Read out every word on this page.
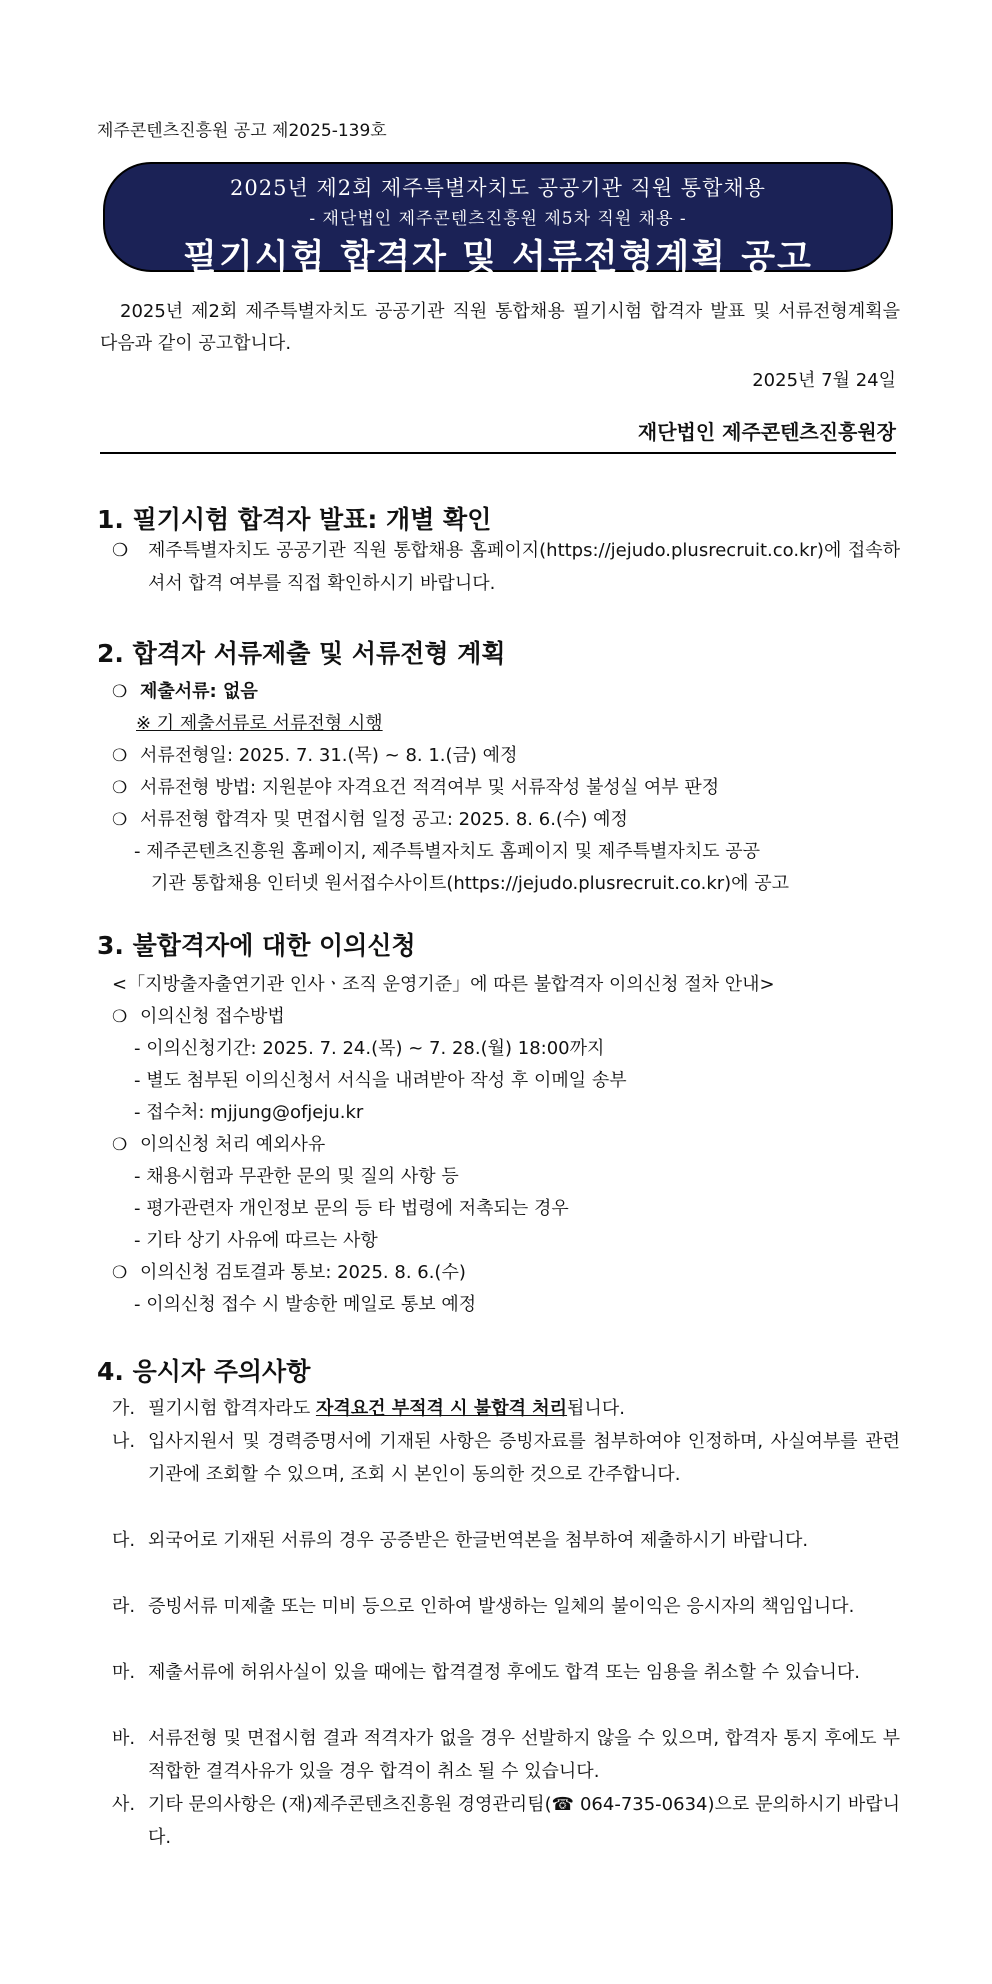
제주콘텐츠진흥원 공고 제2025-139호
2025년 제2회 제주특별자치도 공공기관 직원 통합채용
- 재단법인 제주콘텐츠진흥원 제5차 직원 채용 -
필기시험 합격자 및 서류전형계획 공고
2025년 제2회 제주특별자치도 공공기관 직원 통합채용 필기시험 합격자 발표 및 서류전형계획을 다음과 같이 공고합니다.
2025년 7월 24일
재단법인 제주콘텐츠진흥원장
1. 필기시험 합격자 발표: 개별 확인
❍	제주특별자치도 공공기관 직원 통합채용 홈페이지(https://jejudo.plusrecruit.co.kr)에 접속하셔서 합격 여부를 직접 확인하시기 바랍니다.
2. 합격자 서류제출 및 서류전형 계획
❍ 제출서류: 없음
※ 기 제출서류로 서류전형 시행
❍ 서류전형일: 2025. 7. 31.(목) ~ 8. 1.(금) 예정
❍ 서류전형 방법: 지원분야 자격요건 적격여부 및 서류작성 불성실 여부 판정
❍ 서류전형 합격자 및 면접시험 일정 공고: 2025. 8. 6.(수) 예정
- 제주콘텐츠진흥원 홈페이지, 제주특별자치도 홈페이지 및 제주특별자치도 공공
기관 통합채용 인터넷 원서접수사이트(https://jejudo.plusrecruit.co.kr)에 공고
3. 불합격자에 대한 이의신청
<「지방출자출연기관 인사ㆍ조직 운영기준」에 따른 불합격자 이의신청 절차 안내>
❍ 이의신청 접수방법
- 이의신청기간: 2025. 7. 24.(목) ~ 7. 28.(월) 18:00까지
- 별도 첨부된 이의신청서 서식을 내려받아 작성 후 이메일 송부
- 접수처: mjjung@ofjeju.kr
❍ 이의신청 처리 예외사유
- 채용시험과 무관한 문의 및 질의 사항 등
- 평가관련자 개인정보 문의 등 타 법령에 저촉되는 경우
- 기타 상기 사유에 따르는 사항
❍ 이의신청 검토결과 통보: 2025. 8. 6.(수)
- 이의신청 접수 시 발송한 메일로 통보 예정
4. 응시자 주의사항
가. 필기시험 합격자라도 자격요건 부적격 시 불합격 처리됩니다.
나. 입사지원서 및 경력증명서에 기재된 사항은 증빙자료를 첨부하여야 인정하며, 사실여부를 관련기관에 조회할 수 있으며, 조회 시 본인이 동의한 것으로 간주합니다.
다. 외국어로 기재된 서류의 경우 공증받은 한글번역본을 첨부하여 제출하시기 바랍니다.
라. 증빙서류 미제출 또는 미비 등으로 인하여 발생하는 일체의 불이익은 응시자의 책임입니다.
마. 제출서류에 허위사실이 있을 때에는 합격결정 후에도 합격 또는 임용을 취소할 수 있습니다.
바. 서류전형 및 면접시험 결과 적격자가 없을 경우 선발하지 않을 수 있으며, 합격자 통지 후에도 부적합한 결격사유가 있을 경우 합격이 취소 될 수 있습니다.
사. 기타 문의사항은 (재)제주콘텐츠진흥원 경영관리팀(☎ 064-735-0634)으로 문의하시기 바랍니다.
